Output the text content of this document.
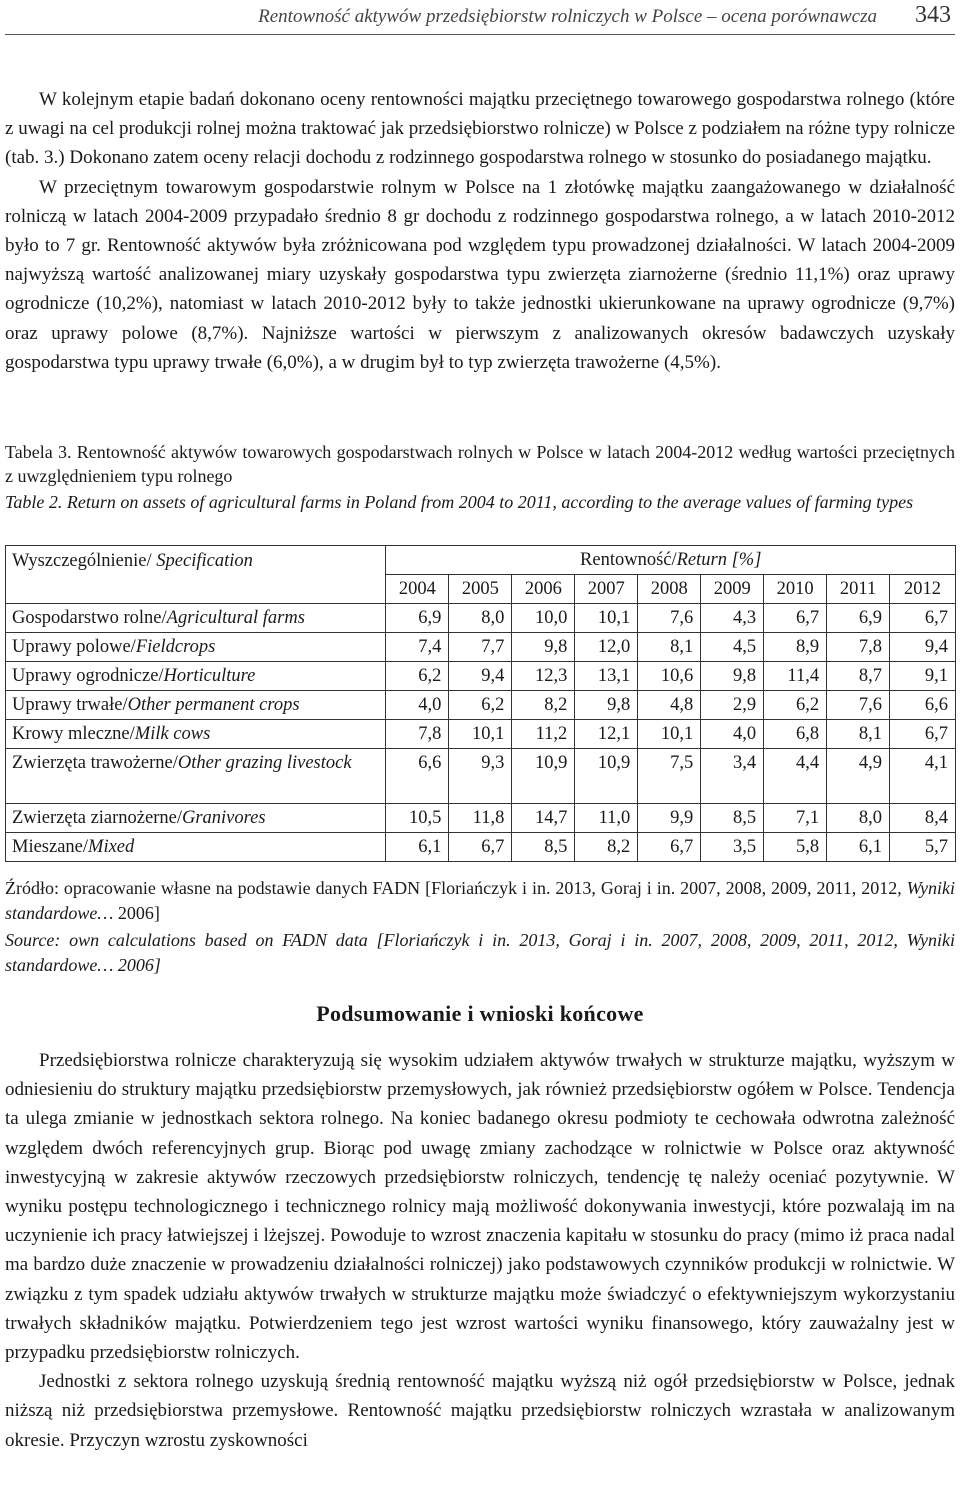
Rentowność aktywów przedsiębiorstw rolniczych w Polsce – ocena porównawcza 343

W kolejnym etapie badań dokonano oceny rentowności majątku przeciętnego towarowego gospodarstwa rolnego (które z uwagi na cel produkcji rolnej można traktować jak przedsiębiorstwo rolnicze) w Polsce z podziałem na różne typy rolnicze (tab. 3.) Dokonano zatem oceny relacji dochodu z rodzinnego gospodarstwa rolnego w stosunko do posiadanego majątku.

W przeciętnym towarowym gospodarstwie rolnym w Polsce na 1 złotówkę majątku zaangażowanego w działalność rolniczą w latach 2004-2009 przypadało średnio 8 gr dochodu z rodzinnego gospodarstwa rolnego, a w latach 2010-2012 było to 7 gr. Rentowność aktywów była zróżnicowana pod względem typu prowadzonej działalności. W latach 2004-2009 najwyższą wartość analizowanej miary uzyskały gospodarstwa typu zwierzęta ziarnożerne (średnio 11,1%) oraz uprawy ogrodnicze (10,2%), natomiast w latach 2010-2012 były to także jednostki ukierunkowane na uprawy ogrodnicze (9,7%) oraz uprawy polowe (8,7%). Najniższe wartości w pierwszym z analizowanych okresów badawczych uzyskały gospodarstwa typu uprawy trwałe (6,0%), a w drugim był to typ zwierzęta trawożerne (4,5%).

Tabela 3. Rentowność aktywów towarowych gospodarstwach rolnych w Polsce w latach 2004-2012 według wartości przeciętnych z uwzględnieniem typu rolnego

Table 2. Return on assets of agricultural farms in Poland from 2004 to 2011, according to the average values of farming types

Wyszczególnienie/ Specification	Rentowność/Return [%]								
	2004	2005	2006	2007	2008	2009	2010	2011	2012
Gospodarstwo rolne/Agricultural farms	6,9	8,0	10,0	10,1	7,6	4,3	6,7	6,9	6,7
Uprawy polowe/Fieldcrops	7,4	7,7	9,8	12,0	8,1	4,5	8,9	7,8	9,4
Uprawy ogrodnicze/Horticulture	6,2	9,4	12,3	13,1	10,6	9,8	11,4	8,7	9,1
Uprawy trwałe/Other permanent crops	4,0	6,2	8,2	9,8	4,8	2,9	6,2	7,6	6,6
Krowy mleczne/Milk cows	7,8	10,1	11,2	12,1	10,1	4,0	6,8	8,1	6,7
Zwierzęta trawożerne/Other grazing livestock	6,6	9,3	10,9	10,9	7,5	3,4	4,4	4,9	4,1
Zwierzęta ziarnożerne/Granivores	10,5	11,8	14,7	11,0	9,9	8,5	7,1	8,0	8,4
Mieszane/Mixed	6,1	6,7	8,5	8,2	6,7	3,5	5,8	6,1	5,7

Źródło: opracowanie własne na podstawie danych FADN [Floriańczyk i in. 2013, Goraj i in. 2007, 2008, 2009, 2011, 2012, Wyniki standardowe… 2006]

Source: own calculations based on FADN data [Floriańczyk i in. 2013, Goraj i in. 2007, 2008, 2009, 2011, 2012, Wyniki standardowe… 2006]

Podsumowanie i wnioski końcowe

Przedsiębiorstwa rolnicze charakteryzują się wysokim udziałem aktywów trwałych w strukturze majątku, wyższym w odniesieniu do struktury majątku przedsiębiorstw przemysłowych, jak również przedsiębiorstw ogółem w Polsce. Tendencja ta ulega zmianie w jednostkach sektora rolnego. Na koniec badanego okresu podmioty te cechowała odwrotna zależność względem dwóch referencyjnych grup. Biorąc pod uwagę zmiany zachodzące w rolnictwie w Polsce oraz aktywność inwestycyjną w zakresie aktywów rzeczowych przedsiębiorstw rolniczych, tendencję tę należy oceniać pozytywnie. W wyniku postępu technologicznego i technicznego rolnicy mają możliwość dokonywania inwestycji, które pozwalają im na uczynienie ich pracy łatwiejszej i lżejszej. Powoduje to wzrost znaczenia kapitału w stosunku do pracy (mimo iż praca nadal ma bardzo duże znaczenie w prowadzeniu działalności rolniczej) jako podstawowych czynników produkcji w rolnictwie. W związku z tym spadek udziału aktywów trwałych w strukturze majątku może świadczyć o efektywniejszym wykorzystaniu trwałych składników majątku. Potwierdzeniem tego jest wzrost wartości wyniku finansowego, który zauważalny jest w przypadku przedsiębiorstw rolniczych.

Jednostki z sektora rolnego uzyskują średnią rentowność majątku wyższą niż ogół przedsiębiorstw w Polsce, jednak niższą niż przedsiębiorstwa przemysłowe. Rentowność majątku przedsiębiorstw rolniczych wzrastała w analizowanym okresie. Przyczyn wzrostu zyskowności
